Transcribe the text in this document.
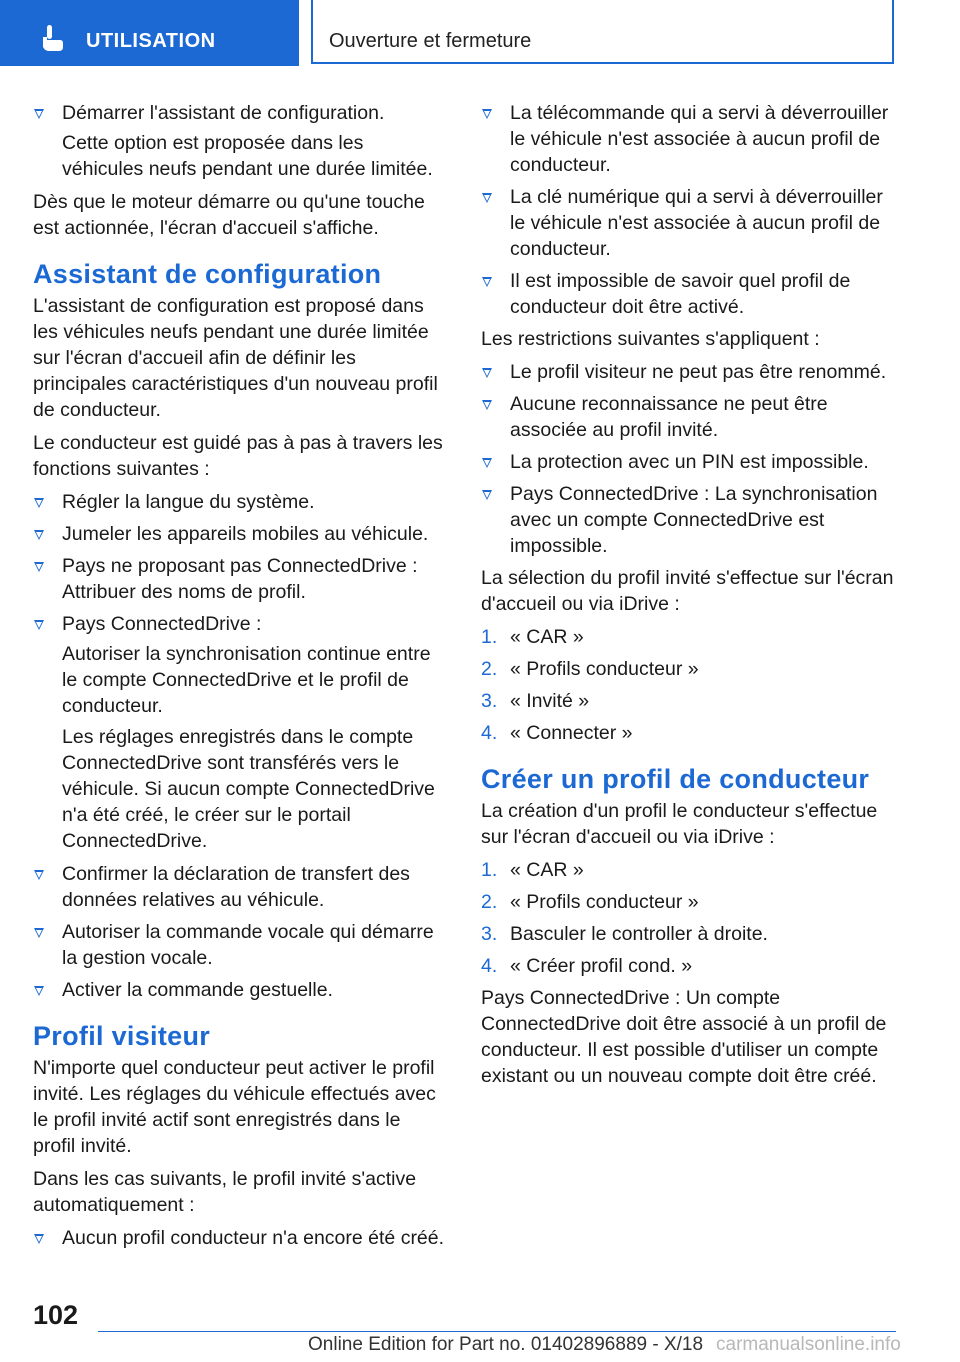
UTILISATION	Ouverture et fermeture
Démarrer l'assistant de configuration.

Cette option est proposée dans les véhicules neufs pendant une durée limitée.

Dès que le moteur démarre ou qu'une touche est actionnée, l'écran d'accueil s'affiche.

Assistant de configuration

L'assistant de configuration est proposé dans les véhicules neufs pendant une durée limitée sur l'écran d'accueil afin de définir les principales caractéristiques d'un nouveau profil de conducteur.

Le conducteur est guidé pas à pas à travers les fonctions suivantes :

Régler la langue du système.
Jumeler les appareils mobiles au véhicule.
Pays ne proposant pas ConnectedDrive : Attribuer des noms de profil.
Pays ConnectedDrive :

Autoriser la synchronisation continue entre le compte ConnectedDrive et le profil de conducteur.

Les réglages enregistrés dans le compte ConnectedDrive sont transférés vers le véhicule. Si aucun compte ConnectedDrive n'a été créé, le créer sur le portail ConnectedDrive.

Confirmer la déclaration de transfert des données relatives au véhicule.
Autoriser la commande vocale qui démarre la gestion vocale.
Activer la commande gestuelle.
Profil visiteur

N'importe quel conducteur peut activer le profil invité. Les réglages du véhicule effectués avec le profil invité actif sont enregistrés dans le profil invité.

Dans les cas suivants, le profil invité s'active automatiquement :

Aucun profil conducteur n'a encore été créé.
La télécommande qui a servi à déverrouiller le véhicule n'est associée à aucun profil de conducteur.
La clé numérique qui a servi à déverrouiller le véhicule n'est associée à aucun profil de conducteur.
Il est impossible de savoir quel profil de conducteur doit être activé.

Les restrictions suivantes s'appliquent :

Le profil visiteur ne peut pas être renommé.
Aucune reconnaissance ne peut être associée au profil invité.
La protection avec un PIN est impossible.
Pays ConnectedDrive : La synchronisation avec un compte ConnectedDrive est impossible.

La sélection du profil invité s'effectue sur l'écran d'accueil ou via iDrive :

1. « CAR »
2. « Profils conducteur »
3. « Invité »
4. « Connecter »
Créer un profil de conducteur

La création d'un profil le conducteur s'effectue sur l'écran d'accueil ou via iDrive :

1. « CAR »
2. « Profils conducteur »
3. Basculer le controller à droite.
4. « Créer profil cond. »

Pays ConnectedDrive : Un compte ConnectedDrive doit être associé à un profil de conducteur. Il est possible d'utiliser un compte existant ou un nouveau compte doit être créé.

102
Online Edition for Part no. 01402896889 - X/18 carmanualsonline.info
